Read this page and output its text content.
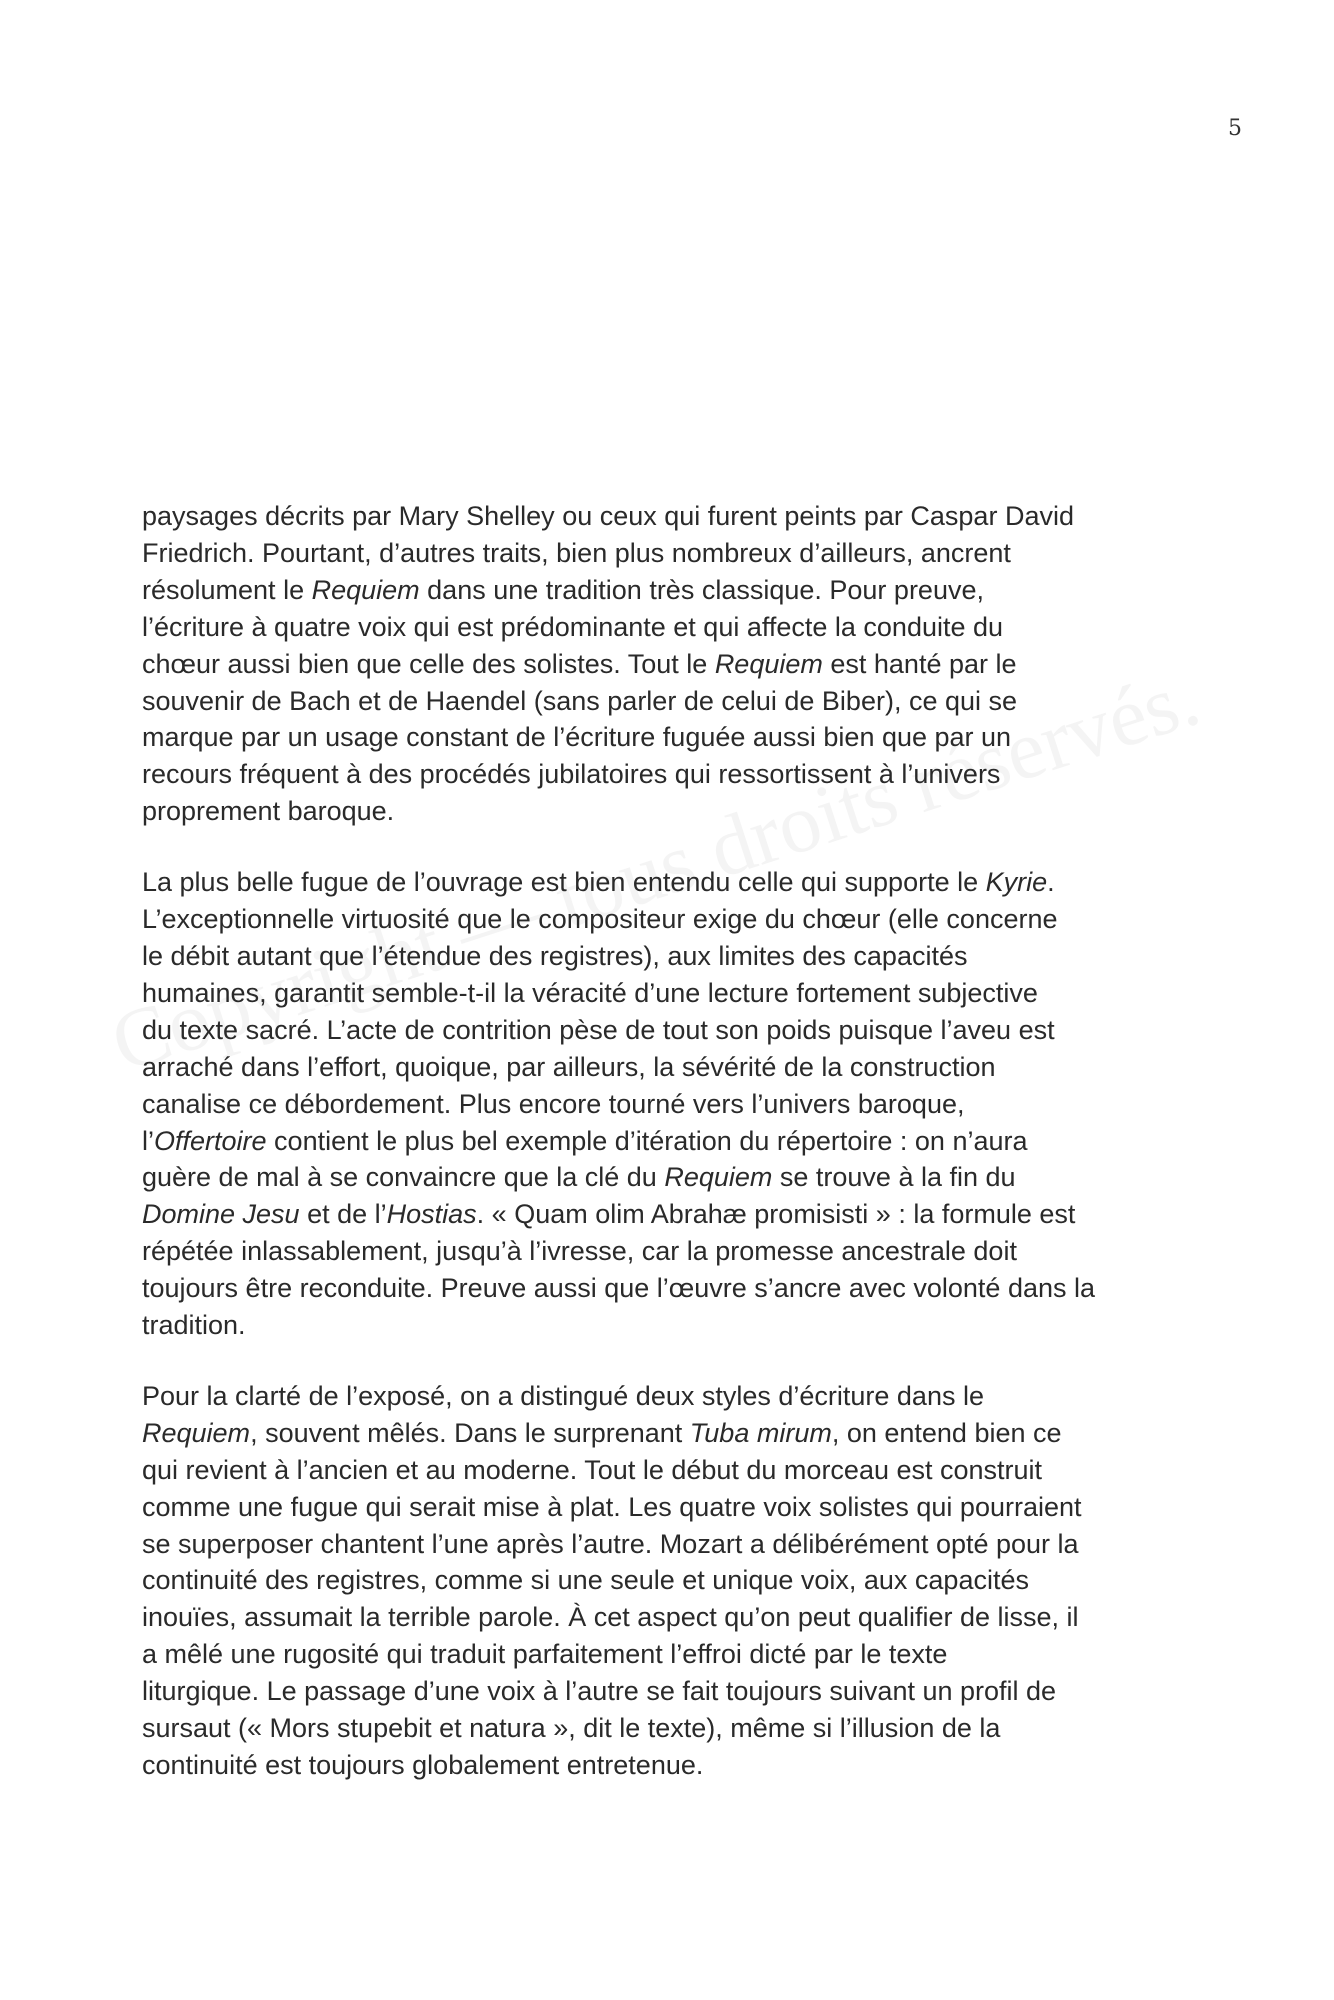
5

paysages décrits par Mary Shelley ou ceux qui furent peints par Caspar David
Friedrich. Pourtant, d’autres traits, bien plus nombreux d’ailleurs, ancrent
résolument le Requiem dans une tradition très classique. Pour preuve,
l’écriture à quatre voix qui est prédominante et qui affecte la conduite du
chœur aussi bien que celle des solistes. Tout le Requiem est hanté par le
souvenir de Bach et de Haendel (sans parler de celui de Biber), ce qui se
marque par un usage constant de l’écriture fuguée aussi bien que par un
recours fréquent à des procédés jubilatoires qui ressortissent à l’univers
proprement baroque.

La plus belle fugue de l’ouvrage est bien entendu celle qui supporte le Kyrie.
L’exceptionnelle virtuosité que le compositeur exige du chœur (elle concerne
le débit autant que l’étendue des registres), aux limites des capacités
humaines, garantit semble-t-il la véracité d’une lecture fortement subjective
du texte sacré. L’acte de contrition pèse de tout son poids puisque l’aveu est
arraché dans l’effort, quoique, par ailleurs, la sévérité de la construction
canalise ce débordement. Plus encore tourné vers l’univers baroque,
l’Offertoire contient le plus bel exemple d’itération du répertoire : on n’aura
guère de mal à se convaincre que la clé du Requiem se trouve à la fin du
Domine Jesu et de l’Hostias. « Quam olim Abrahæ promisisti » : la formule est
répétée inlassablement, jusqu’à l’ivresse, car la promesse ancestrale doit
toujours être reconduite. Preuve aussi que l’œuvre s’ancre avec volonté dans la
tradition.

Pour la clarté de l’exposé, on a distingué deux styles d’écriture dans le
Requiem, souvent mêlés. Dans le surprenant Tuba mirum, on entend bien ce
qui revient à l’ancien et au moderne. Tout le début du morceau est construit
comme une fugue qui serait mise à plat. Les quatre voix solistes qui pourraient
se superposer chantent l’une après l’autre. Mozart a délibérément opté pour la
continuité des registres, comme si une seule et unique voix, aux capacités
inouïes, assumait la terrible parole. À cet aspect qu’on peut qualifier de lisse, il
a mêlé une rugosité qui traduit parfaitement l’effroi dicté par le texte
liturgique. Le passage d’une voix à l’autre se fait toujours suivant un profil de
sursaut (« Mors stupebit et natura », dit le texte), même si l’illusion de la
continuité est toujours globalement entretenue.
